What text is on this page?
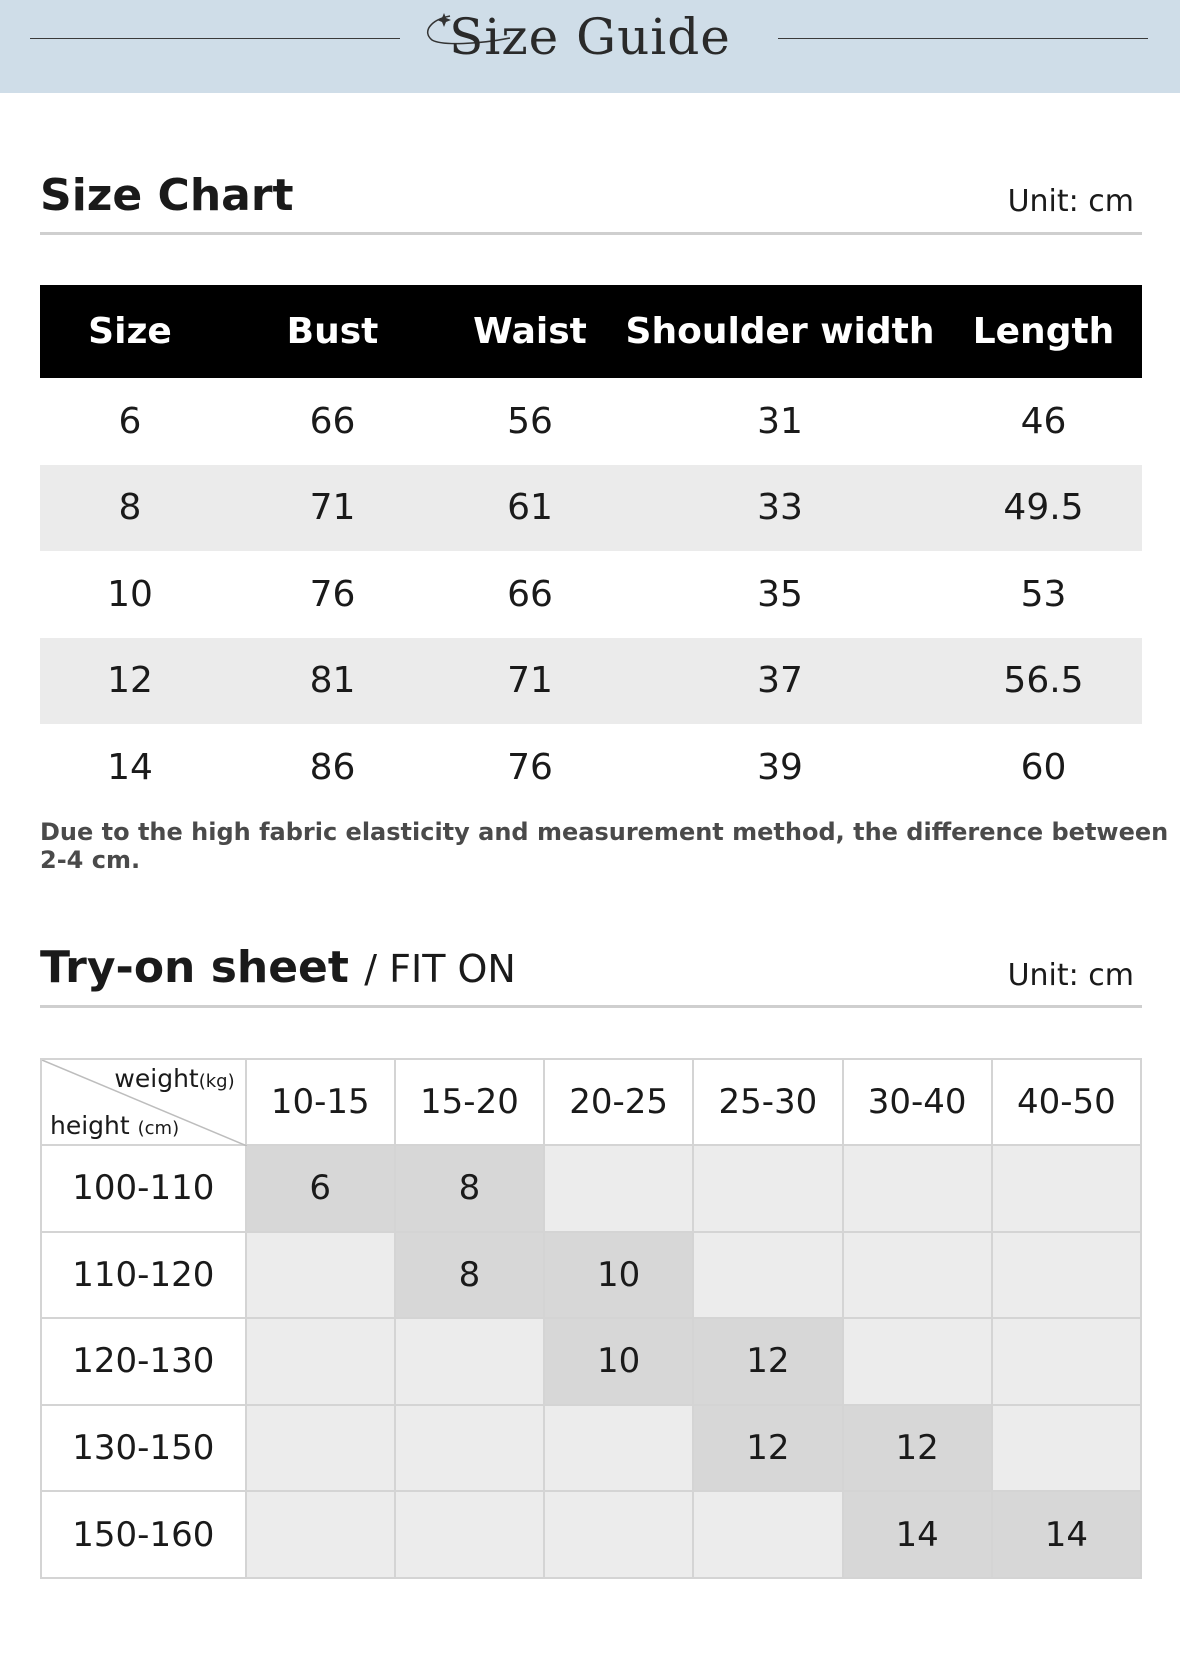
Size Guide
Size Chart	Unit: cm
Size	Bust	Waist	Shoulder width	Length
6	66	56	31	46
8	71	61	33	49.5
10	76	66	35	53
12	81	71	37	56.5
14	86	76	39	60
Due to the high fabric elasticity and measurement method, the difference between 2-4 cm.
Try-on sheet / FIT ON	Unit: cm
weight(kg)
height (cm)	10-15	15-20	20-25	25-30	30-40	40-50
100-110	6	8				
110-120		8	10			
120-130			10	12		
130-150				12	12	
150-160					14	14
